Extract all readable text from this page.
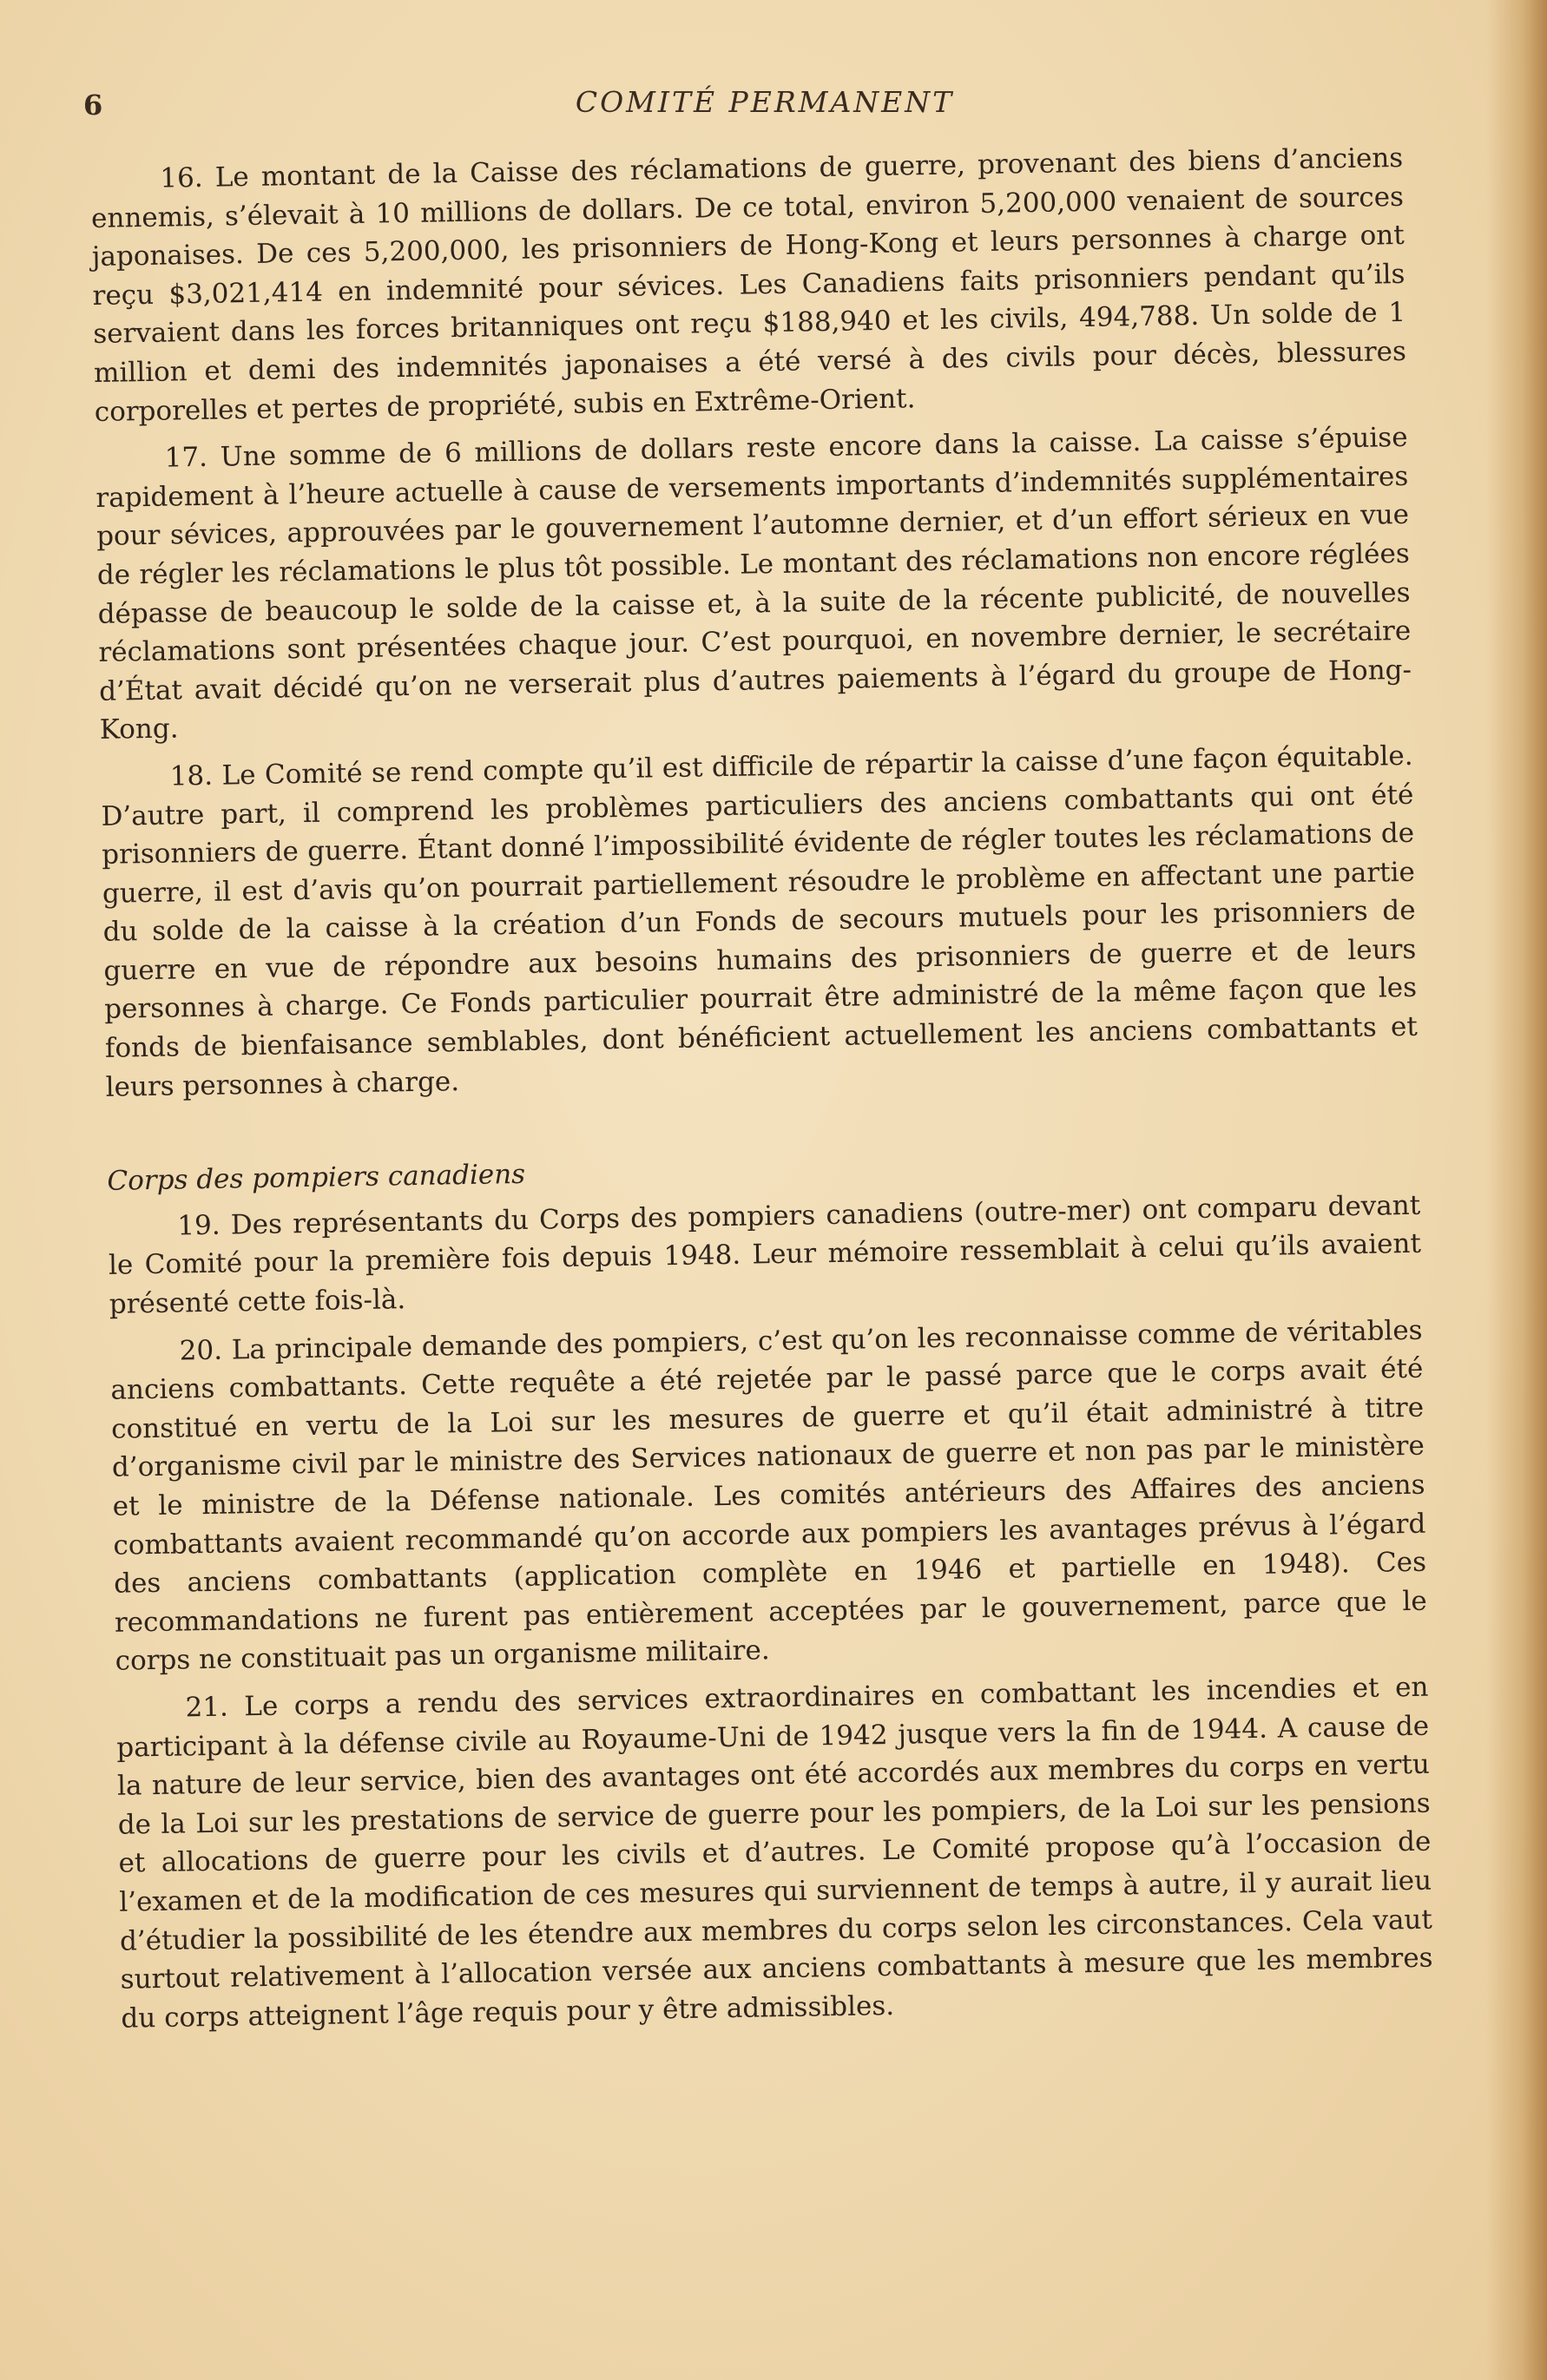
6	COMITÉ PERMANENT

16. Le montant de la Caisse des réclamations de guerre, provenant des biens d’anciens ennemis, s’élevait à 10 millions de dollars. De ce total, environ 5,200,000 venaient de sources japonaises. De ces 5,200,000, les prisonniers de Hong-Kong et leurs personnes à charge ont reçu $3,021,414 en indemnité pour sévices. Les Canadiens faits prisonniers pendant qu’ils servaient dans les forces britanniques ont reçu $188,940 et les civils, 494,788. Un solde de 1 million et demi des indemnités japonaises a été versé à des civils pour décès, blessures corporelles et pertes de propriété, subis en Extrême-Orient.

17. Une somme de 6 millions de dollars reste encore dans la caisse. La caisse s’épuise rapidement à l’heure actuelle à cause de versements importants d’indemnités supplémentaires pour sévices, approuvées par le gouvernement l’automne dernier, et d’un effort sérieux en vue de régler les réclamations le plus tôt possible. Le montant des réclamations non encore réglées dépasse de beaucoup le solde de la caisse et, à la suite de la récente publicité, de nouvelles réclamations sont présentées chaque jour. C’est pourquoi, en novembre dernier, le secrétaire d’État avait décidé qu’on ne verserait plus d’autres paiements à l’égard du groupe de Hong-Kong.

18. Le Comité se rend compte qu’il est difficile de répartir la caisse d’une façon équitable. D’autre part, il comprend les problèmes particuliers des anciens combattants qui ont été prisonniers de guerre. Étant donné l’impossibilité évidente de régler toutes les réclamations de guerre, il est d’avis qu’on pourrait partiellement résoudre le problème en affectant une partie du solde de la caisse à la création d’un Fonds de secours mutuels pour les prisonniers de guerre en vue de répondre aux besoins humains des prisonniers de guerre et de leurs personnes à charge. Ce Fonds particulier pourrait être administré de la même façon que les fonds de bienfaisance semblables, dont bénéficient actuellement les anciens combattants et leurs personnes à charge.

Corps des pompiers canadiens

19. Des représentants du Corps des pompiers canadiens (outre-mer) ont comparu devant le Comité pour la première fois depuis 1948. Leur mémoire ressemblait à celui qu’ils avaient présenté cette fois-là.

20. La principale demande des pompiers, c’est qu’on les reconnaisse comme de véritables anciens combattants. Cette requête a été rejetée par le passé parce que le corps avait été constitué en vertu de la Loi sur les mesures de guerre et qu’il était administré à titre d’organisme civil par le ministre des Services nationaux de guerre et non pas par le ministère et le ministre de la Défense nationale. Les comités antérieurs des Affaires des anciens combattants avaient recommandé qu’on accorde aux pompiers les avantages prévus à l’égard des anciens combattants (application complète en 1946 et partielle en 1948). Ces recommandations ne furent pas entièrement acceptées par le gouvernement, parce que le corps ne constituait pas un organisme militaire.

21. Le corps a rendu des services extraordinaires en combattant les incendies et en participant à la défense civile au Royaume-Uni de 1942 jusque vers la fin de 1944. A cause de la nature de leur service, bien des avantages ont été accordés aux membres du corps en vertu de la Loi sur les prestations de service de guerre pour les pompiers, de la Loi sur les pensions et allocations de guerre pour les civils et d’autres. Le Comité propose qu’à l’occasion de l’examen et de la modification de ces mesures qui surviennent de temps à autre, il y aurait lieu d’étudier la possibilité de les étendre aux membres du corps selon les circonstances. Cela vaut surtout relativement à l’allocation versée aux anciens combattants à mesure que les membres du corps atteignent l’âge requis pour y être admissibles.
